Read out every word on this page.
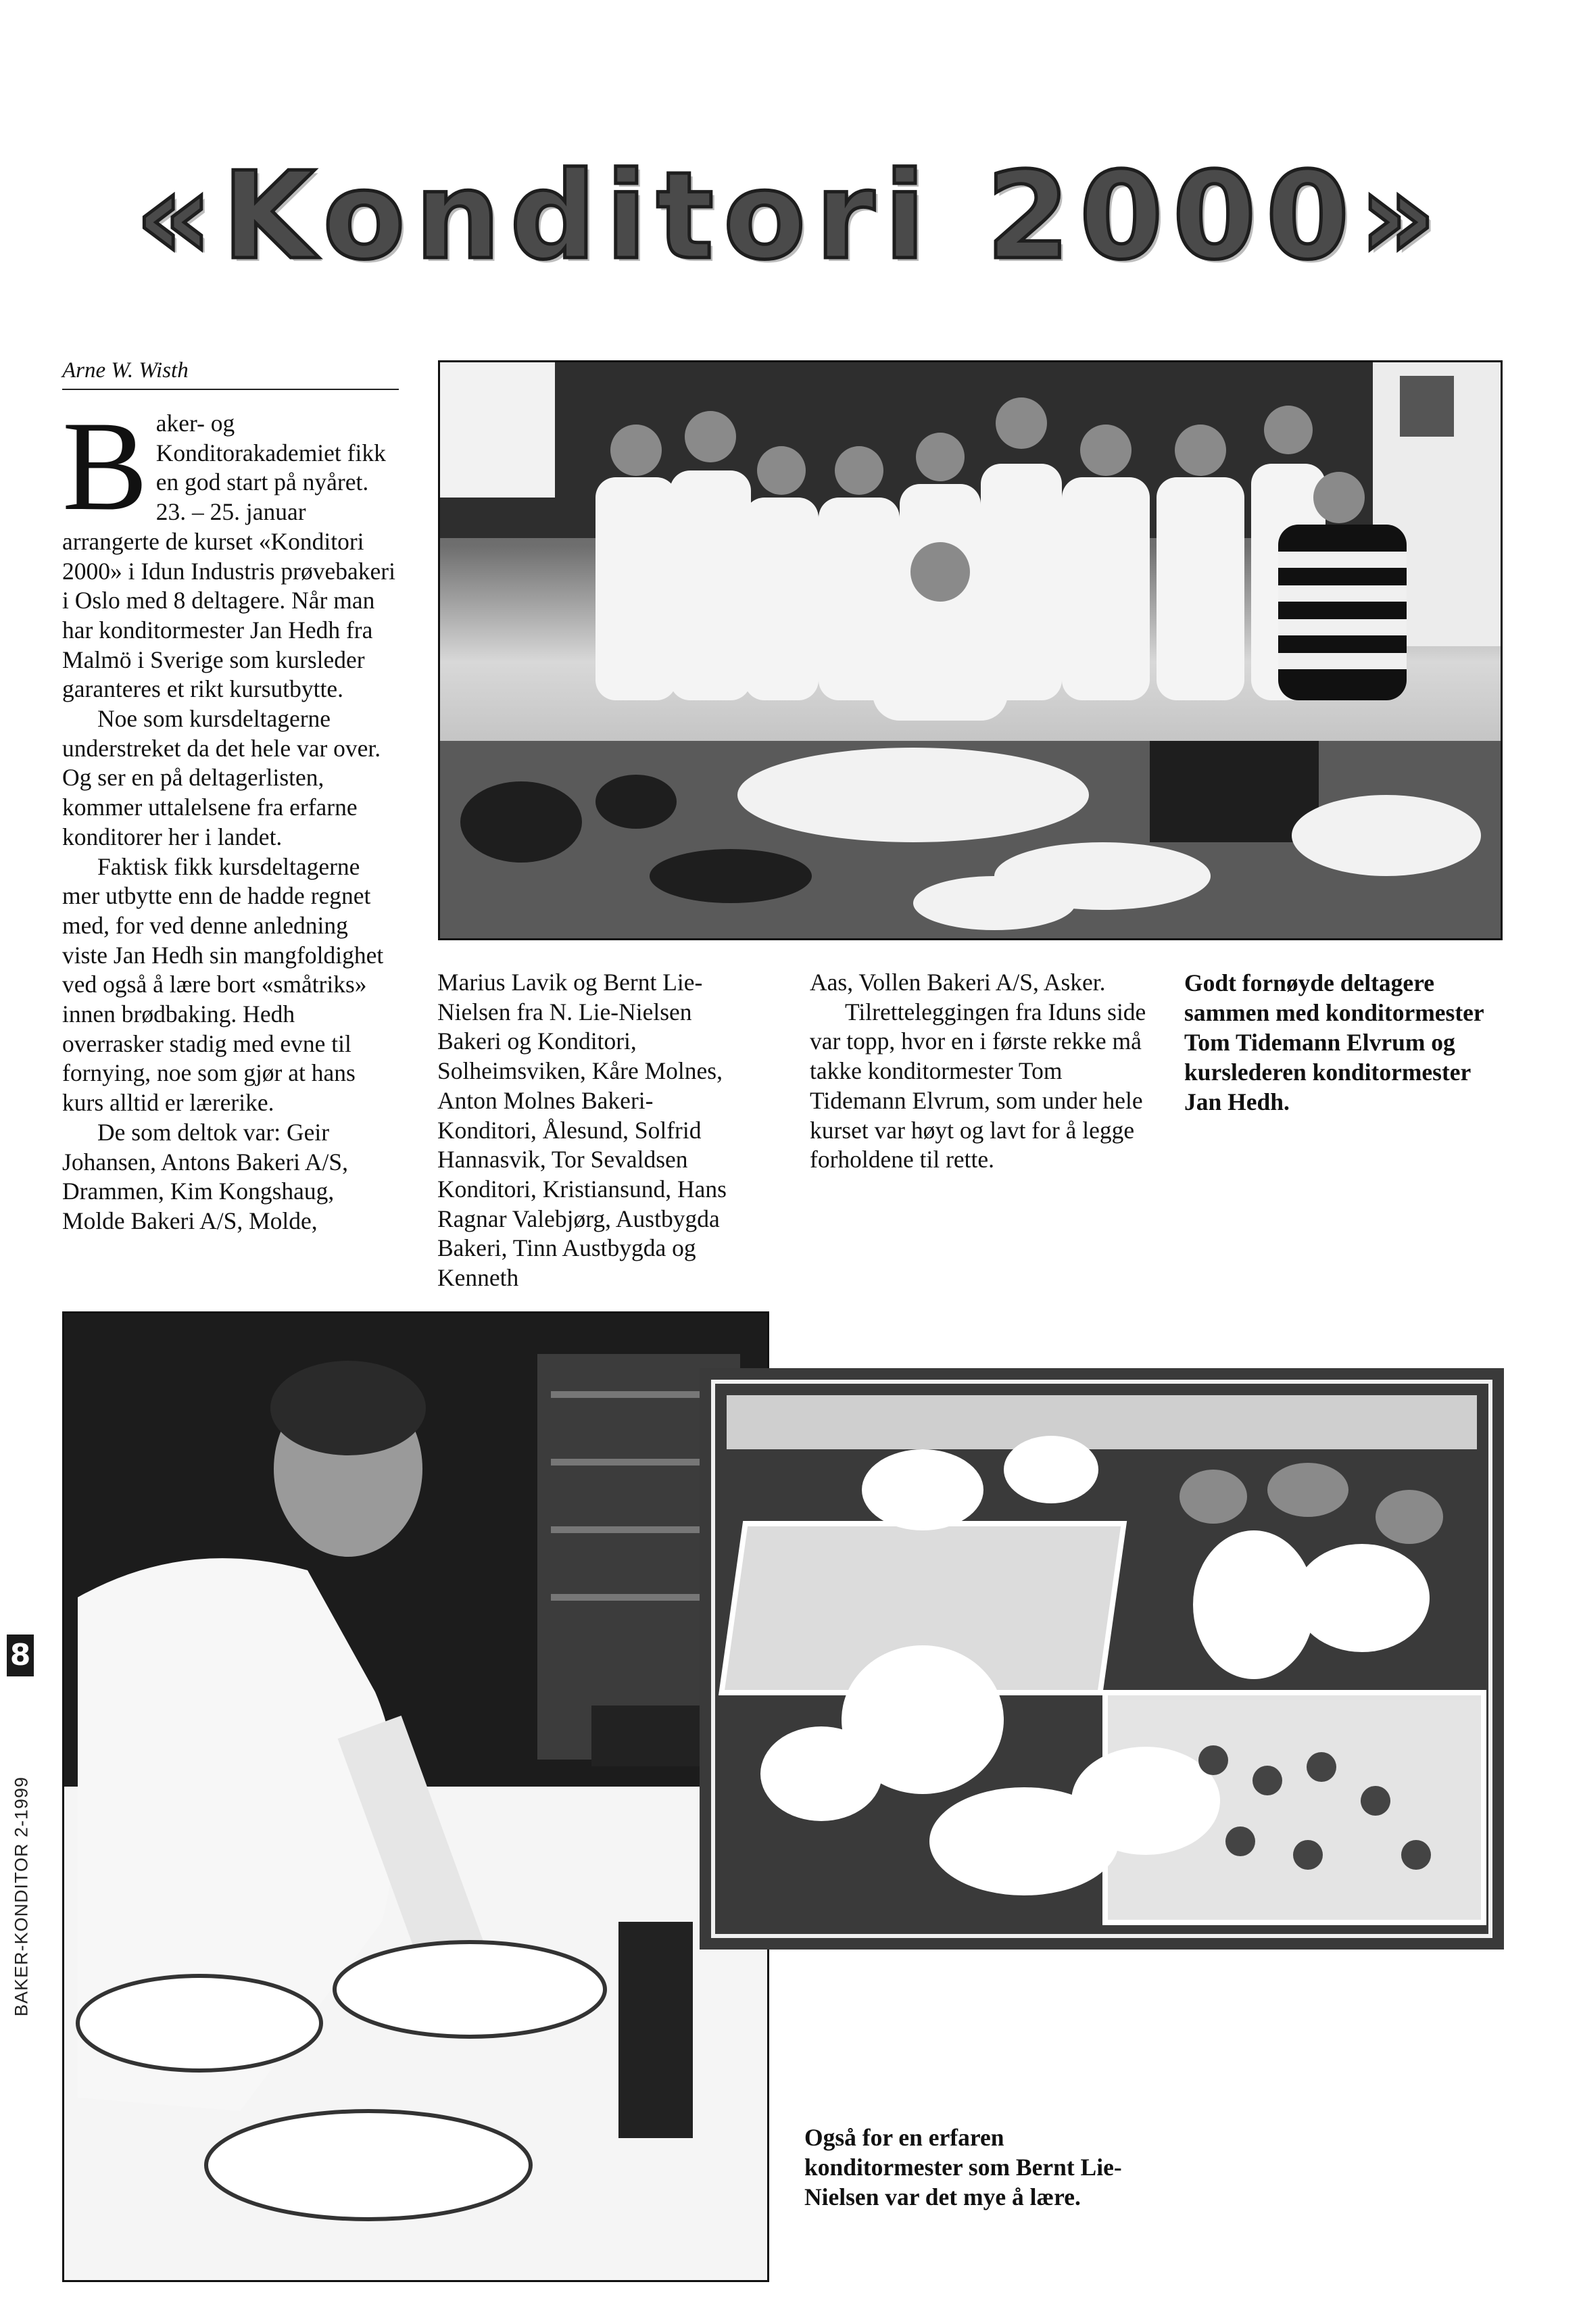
«Konditori 2000»
Arne W. Wisth

Baker- og Konditorakademiet fikk en god start på nyåret. 23. – 25. januar arrangerte de kurset «Konditori 2000» i Idun Industris prøvebakeri i Oslo med 8 deltagere. Når man har konditormester Jan Hedh fra Malmö i Sverige som kursleder garanteres et rikt kursutbytte.

Noe som kursdeltagerne understreket da det hele var over. Og ser en på deltagerlisten, kommer uttalelsene fra erfarne konditorer her i landet.

Faktisk fikk kursdeltagerne mer utbytte enn de hadde regnet med, for ved denne anledning viste Jan Hedh sin mangfoldighet ved også å lære bort «småtriks» innen brødbaking. Hedh overrasker stadig med evne til fornying, noe som gjør at hans kurs alltid er lærerike.

De som deltok var: Geir Johansen, Antons Bakeri A/S, Drammen, Kim Kongshaug, Molde Bakeri A/S, Molde,

Marius Lavik og Bernt Lie-Nielsen fra N. Lie-Nielsen Bakeri og Konditori, Solheimsviken, Kåre Molnes, Anton Molnes Bakeri-Konditori, Ålesund, Solfrid Hannasvik, Tor Sevaldsen Konditori, Kristiansund, Hans Ragnar Valebjørg, Austbygda Bakeri, Tinn Austbygda og Kenneth

Aas, Vollen Bakeri A/S, Asker.

Tilretteleggingen fra Iduns side var topp, hvor en i første rekke må takke konditormester Tom Tidemann Elvrum, som under hele kurset var høyt og lavt for å legge forholdene til rette.

Godt fornøyde deltagere sammen med konditormester Tom Tidemann Elvrum og kurslederen konditormester Jan Hedh.
Også for en erfaren konditormester som Bernt Lie-Nielsen var det mye å lære.
8
BAKER-KONDITOR 2-1999
